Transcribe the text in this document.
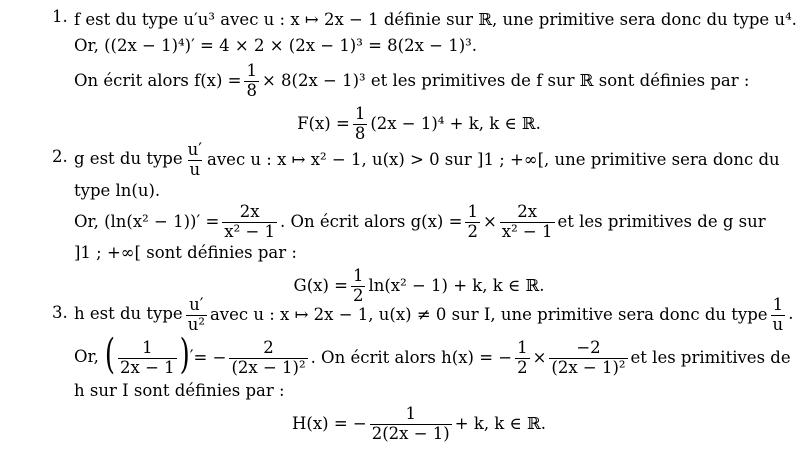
1. f est du type u′u³ avec u : x ↦ 2x − 1 définie sur ℝ, une primitive sera donc du type u⁴.
Or, ((2x − 1)⁴)′ = 4 × 2 × (2x − 1)³ = 8(2x − 1)³.
On écrit alors $f(x) = \frac{1}{8} \times 8(2x - 1)^3$ et les primitives de f sur ℝ sont définies par :
$F(x) = \frac{1}{8} (2x - 1)^4 + k$, k ∈ ℝ.
2. g est du type $\frac{u'}{u}$ avec u : x ↦ x² − 1, u(x) > 0 sur ]1 ; +∞[, une primitive sera donc du
type ln(u).
Or, $(\ln(x^2 - 1))' = \frac{2x}{\text{x² − 1}}$ . On écrit alors $g(x) = \frac{1}{2} \times \frac{2x}{\text{x² − 1}}$ et les primitives de g sur
]1 ; +∞[ sont définies par :
$G(x) = \frac{1}{2} \ln(x^2 - 1) + k$, k ∈ ℝ.
3. h est du type $\frac{u'}{\text{u²}}$ avec u : x ↦ 2x − 1, u(x) ≠ 0 sur I, une primitive sera donc du type $\frac{1}{u}$ .
Or, ( $\frac{1}{2x - 1}$ )′ = − $\frac{2}{\text{(2x − 1)²}}$ . On écrit alors h(x) = − $\frac{1}{2} \times \frac{-2}{\text{(2x − 1)²}}$ et les primitives de
h sur I sont définies par :
H(x) = − $\frac{1}{2(2x - 1)} + k$, k ∈ ℝ.
